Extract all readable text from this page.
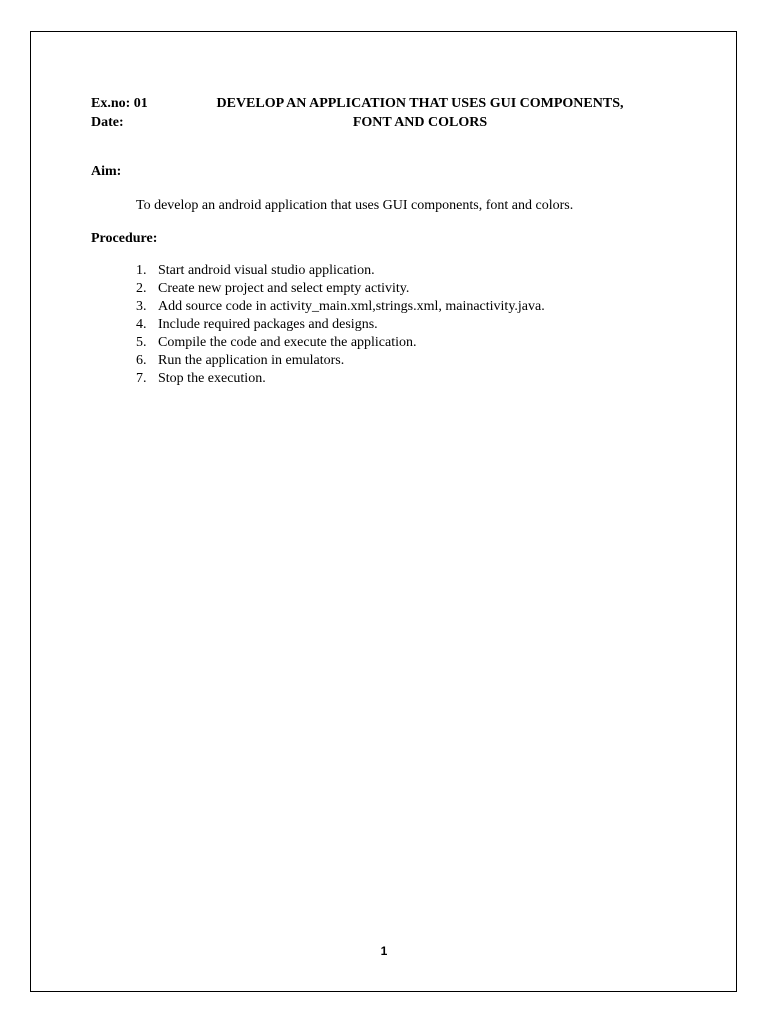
Ex.no: 01
Date:
DEVELOP AN APPLICATION THAT USES GUI COMPONENTS,
FONT AND COLORS
Aim:
To develop an android application that uses GUI components, font and colors.
Procedure:
1. Start android visual studio application.
2. Create new project and select empty activity.
3. Add source code in activity_main.xml,strings.xml, mainactivity.java.
4. Include required packages and designs.
5. Compile the code and execute the application.
6. Run the application in emulators.
7. Stop the execution.
1
